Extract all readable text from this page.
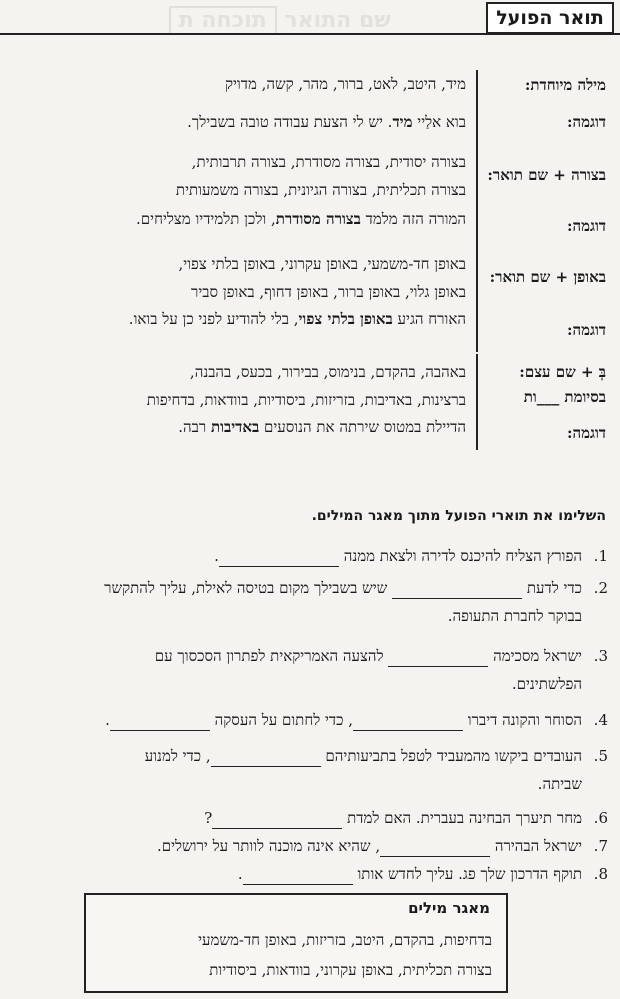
שם התואר תוכחה ת	תואר הפועל
מילה מיוחדת:
מיד, היטב, לאט, ברור, מהר, קשה, מדויק
דוגמה:
בוא אלַיי מיד. יש לי הצעת עבודה טובה בשבילך.
בצורה + שם תואר:
בצורה יסודית, בצורה מסודרת, בצורה תרבותית,
בצורה תכליתית, בצורה הגיונית, בצורה משמעותית
דוגמה:
המורה הזה מלמד בצורה מסודרת, ולכן תלמידיו מצליחים.
באופן + שם תואר:
באופן חד-משמעי, באופן עקרוני, באופן בלתי צפוי,
באופן גלוי, באופן ברור, באופן דחוף, באופן סביר
דוגמה:
האורח הגיע באופן בלתי צפוי, בלי להודיע לפני כן על בואו.
בְּ + שם עצם:
בסיומת ___ות
באהבה, בהקדם, בנימוס, בבירור, בכעס, בהבנה,
ברצינות, באדיבות, בזריזות, ביסודיות, בוודאות, בדחיפות
דוגמה:
הדיילת במטוס שירתה את הנוסעים באדיבות רבה.
השלימו את תוארי הפועל מתוך מאגר המילים.
1.
הפורץ הצליח להיכנס לדירה ולצאת ממנה .
2.
כדי לדעת  שיש בשבילך מקום בטיסה לאילת, עליך להתקשר
בבוקר לחברת התעופה.
3.
ישראל מסכימה  להצעה האמריקאית לפתרון הסכסוך עם
הפלשתינים.
4.
הסוחר והקונה דיברו , כדי לחתום על העסקה .
5.
העובדים ביקשו מהמעביד לטפל בתביעותיהם , כדי למנוע
שביתה.
6.
מחר תיערך הבחינה בעברית. האם למדת ?
7.
ישראל הבהירה , שהיא אינה מוכנה לוותר על ירושלים.
8.
תוקף הדרכון שלך פג. עליך לחדש אותו .
מאגר מילים
בדחיפות, בהקדם, היטב, בזריזות, באופן חד-משמעי
בצורה תכליתית, באופן עקרוני, בוודאות, ביסודיות
